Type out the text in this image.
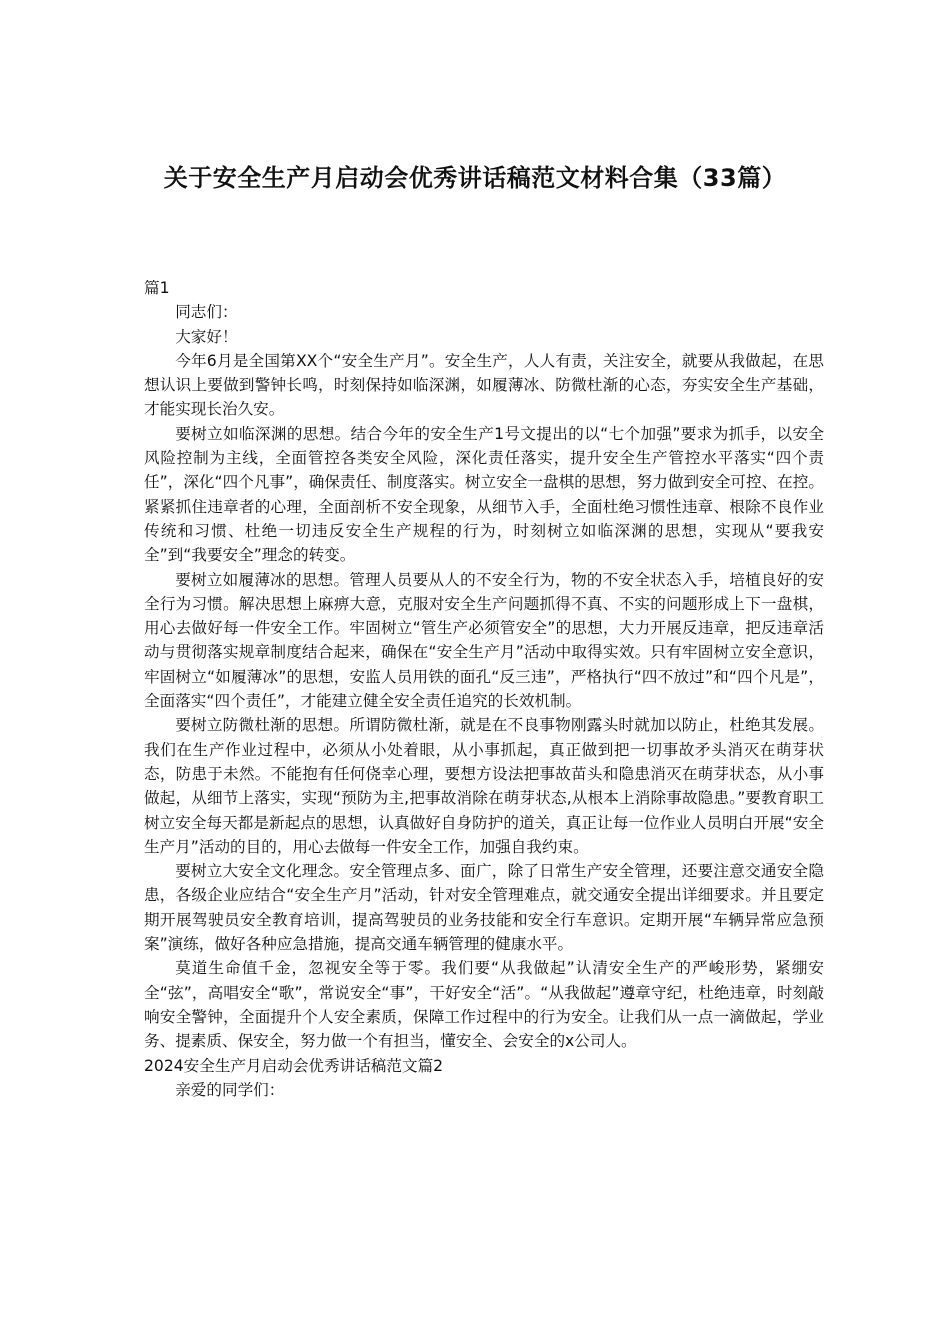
关于安全生产月启动会优秀讲话稿范文材料合集（33篇）

篇1

同志们：

大家好！

今年6月是全国第XX个“安全生产月”。安全生产，人人有责，关注安全，就要从我做起，在思想认识上要做到警钟长鸣，时刻保持如临深渊，如履薄冰、防微杜渐的心态，夯实安全生产基础，才能实现长治久安。

要树立如临深渊的思想。结合今年的安全生产1号文提出的以“七个加强”要求为抓手，以安全风险控制为主线，全面管控各类安全风险，深化责任落实，提升安全生产管控水平落实“四个责任”，深化“四个凡事”，确保责任、制度落实。树立安全一盘棋的思想，努力做到安全可控、在控。紧紧抓住违章者的心理，全面剖析不安全现象，从细节入手，全面杜绝习惯性违章、根除不良作业传统和习惯、杜绝一切违反安全生产规程的行为，时刻树立如临深渊的思想，实现从“要我安全”到“我要安全”理念的转变。

要树立如履薄冰的思想。管理人员要从人的不安全行为，物的不安全状态入手，培植良好的安全行为习惯。解决思想上麻痹大意，克服对安全生产问题抓得不真、不实的问题形成上下一盘棋，用心去做好每一件安全工作。牢固树立“管生产必须管安全”的思想，大力开展反违章，把反违章活动与贯彻落实规章制度结合起来，确保在“安全生产月”活动中取得实效。只有牢固树立安全意识，牢固树立“如履薄冰”的思想，安监人员用铁的面孔“反三违”，严格执行“四不放过”和“四个凡是”，全面落实“四个责任”，才能建立健全安全责任追究的长效机制。

要树立防微杜渐的思想。所谓防微杜渐，就是在不良事物刚露头时就加以防止，杜绝其发展。我们在生产作业过程中，必须从小处着眼，从小事抓起，真正做到把一切事故矛头消灭在萌芽状态，防患于未然。不能抱有任何侥幸心理，要想方设法把事故苗头和隐患消灭在萌芽状态，从小事做起，从细节上落实，实现“预防为主,把事故消除在萌芽状态,从根本上消除事故隐患。”要教育职工树立安全每天都是新起点的思想，认真做好自身防护的道关，真正让每一位作业人员明白开展“安全生产月”活动的目的，用心去做每一件安全工作，加强自我约束。

要树立大安全文化理念。安全管理点多、面广，除了日常生产安全管理，还要注意交通安全隐患，各级企业应结合“安全生产月”活动，针对安全管理难点，就交通安全提出详细要求。并且要定期开展驾驶员安全教育培训，提高驾驶员的业务技能和安全行车意识。定期开展“车辆异常应急预案”演练，做好各种应急措施，提高交通车辆管理的健康水平。

莫道生命值千金，忽视安全等于零。我们要“从我做起”认清安全生产的严峻形势，紧绷安全“弦”，高唱安全“歌”，常说安全“事”，干好安全“活”。“从我做起”遵章守纪，杜绝违章，时刻敲响安全警钟，全面提升个人安全素质，保障工作过程中的行为安全。让我们从一点一滴做起，学业务、提素质、保安全，努力做一个有担当，懂安全、会安全的x公司人。

2024安全生产月启动会优秀讲话稿范文篇2

亲爱的同学们：
